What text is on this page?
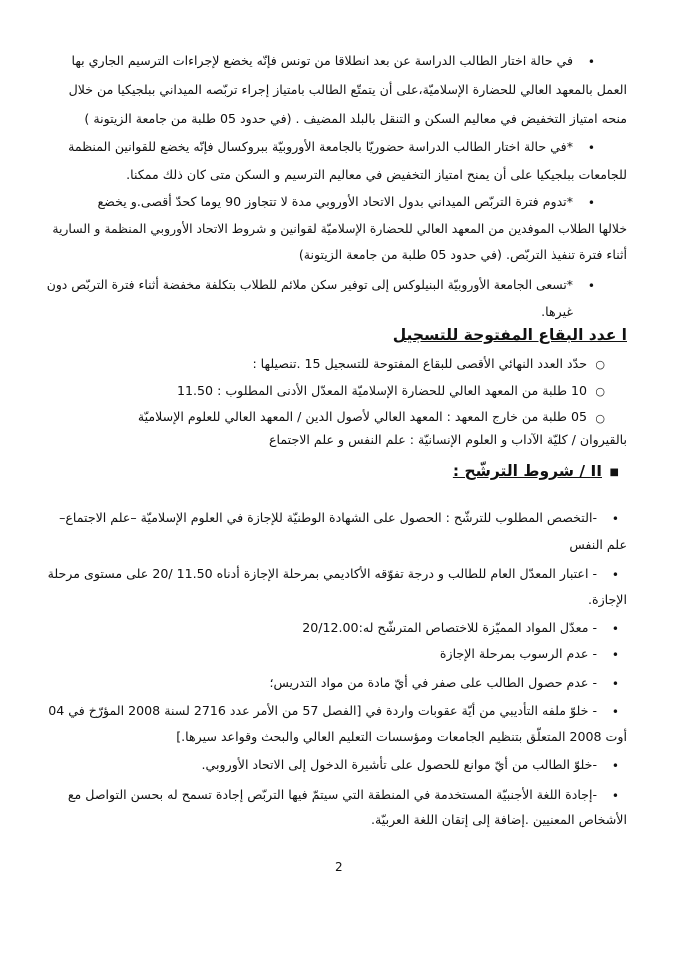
•
في حالة اختار الطالب الدراسة عن بعد انطلاقا من تونس فإنّه يخضع لإجراءات الترسيم الجاري بها
العمل بالمعهد العالي للحضارة الإسلاميّة،على أن يتمتّع الطالب بامتياز إجراء تربّصه الميداني ببلجيكيا من خلال
منحه امتياز التخفيض في معاليم السكن و التنقل بالبلد المضيف . (في حدود 05 طلبة من جامعة الزيتونة )
•
*في حالة اختار الطالب الدراسة حضوريّا بالجامعة الأوروبيّة ببروكسال فإنّه يخضع للقوانين المنظمة
للجامعات ببلجيكيا على أن يمنح امتياز التخفيض في معاليم الترسيم و السكن متى كان ذلك ممكنا.
•
*تدوم فترة التربّص الميداني بدول الاتحاد الأوروبي مدة لا تتجاوز 90 يوما كحدّ أقصى.و يخضع
خلالها الطلاب الموفدين من المعهد العالي للحضارة الإسلاميّة لقوانين و شروط الاتحاد الأوروبي المنظمة و السارية
أثناء فترة تنفيذ التربّص. (في حدود 05 طلبة من جامعة الزيتونة)
•
*تسعى الجامعة الأوروبيّة البنيلوكس إلى توفير سكن ملائم للطلاب بتكلفة مخفضة أثناء فترة التربّص دون
غيرها.
ا عدد البقاع المفتوحة للتسجيل
○
حدّد العدد النهائي الأقصى للبقاع المفتوحة للتسجيل 15 .تنصيلها :
○
10 طلبة من المعهد العالي للحضارة الإسلاميّة المعدّل الأدنى المطلوب : 11.50
○
05 طلبة من خارج المعهد : المعهد العالي لأصول الدين / المعهد العالي للعلوم الإسلاميّة
بالقيروان / كليّة الآداب و العلوم الإنسانيّة : علم النفس و علم الاجتماع
■
II / شروط الترشّح :
•
-التخصص المطلوب للترشّح : الحصول على الشهادة الوطنيّة للإجازة في العلوم الإسلاميّة –علم الاجتماع–
علم النفس
•
- اعتبار المعدّل العام للطالب و درجة تفوّقه الأكاديمي بمرحلة الإجازة أدناه 11.50 /20 على مستوى مرحلة
الإجازة.
•
- معدّل المواد المميّزة للاختصاص المترشّح له:20/12.00
•
- عدم الرسوب بمرحلة الإجازة
•
- عدم حصول الطالب على صفر في أيّ مادة من مواد التدريس؛
•
- خلوّ ملفه التأديبي من أيّة عقوبات واردة في [الفصل 57 من الأمر عدد 2716 لسنة 2008 المؤرّخ في 04
أوت 2008 المتعلّق بتنظيم الجامعات ومؤسسات التعليم العالي والبحث وقواعد سيرها.]
•
-خلوّ الطالب من أيّ موانع للحصول على تأشيرة الدخول إلى الاتحاد الأوروبي.
•
-إجادة اللغة الأجنبيّة المستخدمة في المنطقة التي سيتمّ فيها التربّص إجادة تسمح له بحسن التواصل مع
الأشخاص المعنيين .إضافة إلى إتقان اللغة العربيّة.
2
